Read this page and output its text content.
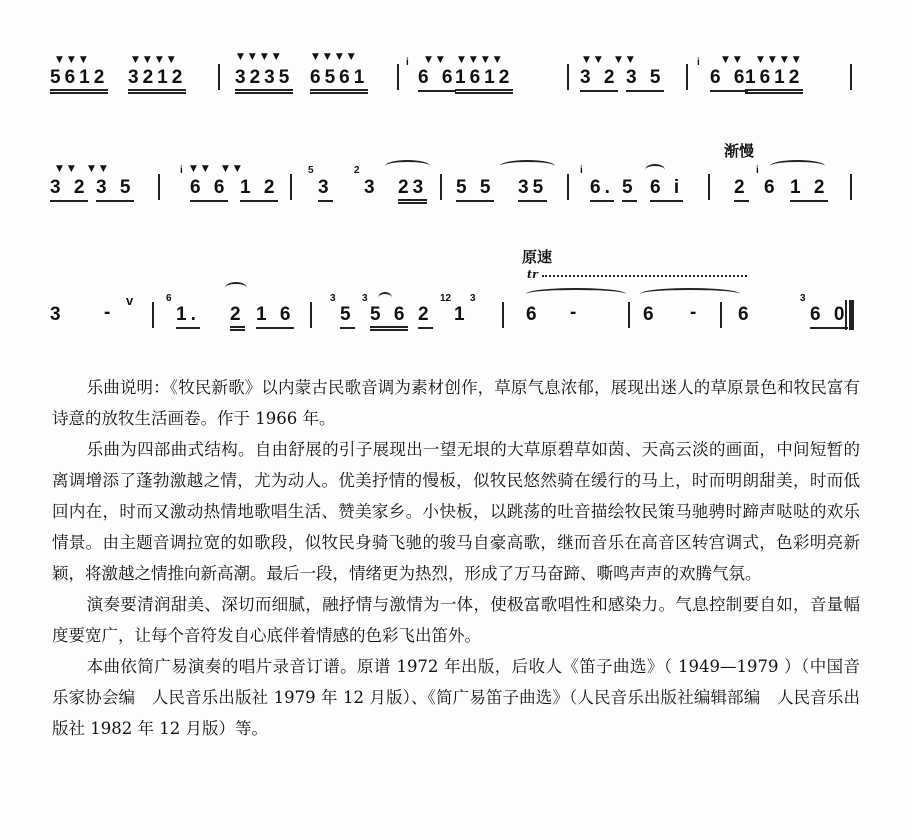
▼▼▼	▼▼▼▼	▼▼▼▼	▼▼▼▼	▼▼ ▼▼▼▼	▼▼ ▼▼	▼▼ ▼▼▼▼
5612 3212	3235 6561
i
6 6
1612	3 2 3 5
i
6 6
1612
渐慢
▼▼ ▼▼	▼▼ ▼▼
3 2 3 5
i
6 6 1 2
5
3
2
3 23 5 5 35
i
6. 5 6 i	2
i
6 1 2
原速
tr
3 -
v	6
1. 2 1 6
3
5
3
5 6 2
12
1
3
6 -	6 - 6
3
6 0

乐曲说明：《牧民新歌》以内蒙古民歌音调为素材创作，草原气息浓郁，展现出迷人的草原景色和牧民富有诗意的放牧生活画卷。作于 1966 年。

乐曲为四部曲式结构。自由舒展的引子展现出一望无垠的大草原碧草如茵、天高云淡的画面，中间短暂的离调增添了蓬勃激越之情，尤为动人。优美抒情的慢板，似牧民悠然骑在缓行的马上，时而明朗甜美，时而低回内在，时而又激动热情地歌唱生活、赞美家乡。小快板，以跳荡的吐音描绘牧民策马驰骋时蹄声哒哒的欢乐情景。由主题音调拉宽的如歌段，似牧民身骑飞驰的骏马自豪高歌，继而音乐在高音区转宫调式，色彩明亮新颖，将激越之情推向新高潮。最后一段，情绪更为热烈，形成了万马奋蹄、嘶鸣声声的欢腾气氛。

演奏要清润甜美、深切而细腻，融抒情与激情为一体，使极富歌唱性和感染力。气息控制要自如，音量幅度要宽广，让每个音符发自心底伴着情感的色彩飞出笛外。

本曲依简广易演奏的唱片录音订谱。原谱 1972 年出版，后收人《笛子曲选》（ 1949—1979 ）（中国音乐家协会编　人民音乐出版社 1979 年 12 月版）、《简广易笛子曲选》（人民音乐出版社编辑部编　人民音乐出版社 1982 年 12 月版）等。
